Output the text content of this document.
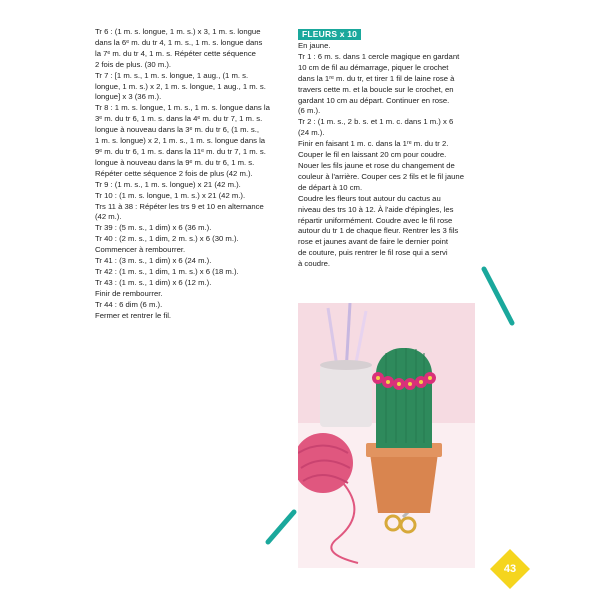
Tr 6 : (1 m. s. longue, 1 m. s.) x 3, 1 m. s. longue

dans la 6ᵉ m. du tr 4, 1 m. s., 1 m. s. longue dans

la 7ᵉ m. du tr 4, 1 m. s. Répéter cette séquence

2 fois de plus. (30 m.).

Tr 7 : [1 m. s., 1 m. s. longue, 1 aug., (1 m. s.

longue, 1 m. s.) x 2, 1 m. s. longue, 1 aug., 1 m. s.

longue] x 3 (36 m.).

Tr 8 : 1 m. s. longue, 1 m. s., 1 m. s. longue dans la

3ᵉ m. du tr 6, 1 m. s. dans la 4ᵉ m. du tr 7, 1 m. s.

longue à nouveau dans la 3ᵉ m. du tr 6, (1 m. s.,

1 m. s. longue) x 2, 1 m. s., 1 m. s. longue dans la

9ᵉ m. du tr 6, 1 m. s. dans la 11ᵉ m. du tr 7, 1 m. s.

longue à nouveau dans la 9ᵉ m. du tr 6, 1 m. s.

Répéter cette séquence 2 fois de plus (42 m.).

Tr 9 : (1 m. s., 1 m. s. longue) x 21 (42 m.).

Tr 10 : (1 m. s. longue, 1 m. s.) x 21 (42 m.).

Trs 11 à 38 : Répéter les trs 9 et 10 en alternance

(42 m.).

Tr 39 : (5 m. s., 1 dim) x 6 (36 m.).

Tr 40 : (2 m. s., 1 dim, 2 m. s.) x 6 (30 m.).

Commencer à rembourrer.

Tr 41 : (3 m. s., 1 dim) x 6 (24 m.).

Tr 42 : (1 m. s., 1 dim, 1 m. s.) x 6 (18 m.).

Tr 43 : (1 m. s., 1 dim) x 6 (12 m.).

Finir de rembourrer.

Tr 44 : 6 dim (6 m.).

Fermer et rentrer le fil.

FLEURS x 10

En jaune.

Tr 1 : 6 m. s. dans 1 cercle magique en gardant

10 cm de fil au démarrage, piquer le crochet

dans la 1ʳᵉ m. du tr, et tirer 1 fil de laine rose à

travers cette m. et la boucle sur le crochet, en

gardant 10 cm au départ. Continuer en rose.

(6 m.).

Tr 2 : (1 m. s., 2 b. s. et 1 m. c. dans 1 m.) x 6

(24 m.).

Finir en faisant 1 m. c. dans la 1ʳᵉ m. du tr 2.

Couper le fil en laissant 20 cm pour coudre.

Nouer les fils jaune et rose du changement de

couleur à l'arrière. Couper ces 2 fils et le fil jaune

de départ à 10 cm.

Coudre les fleurs tout autour du cactus au

niveau des trs 10 à 12. À l'aide d'épingles, les

répartir uniformément. Coudre avec le fil rose

autour du tr 1 de chaque fleur. Rentrer les 3 fils

rose et jaunes avant de faire le dernier point

de couture, puis rentrer le fil rose qui a servi

à coudre.

43
